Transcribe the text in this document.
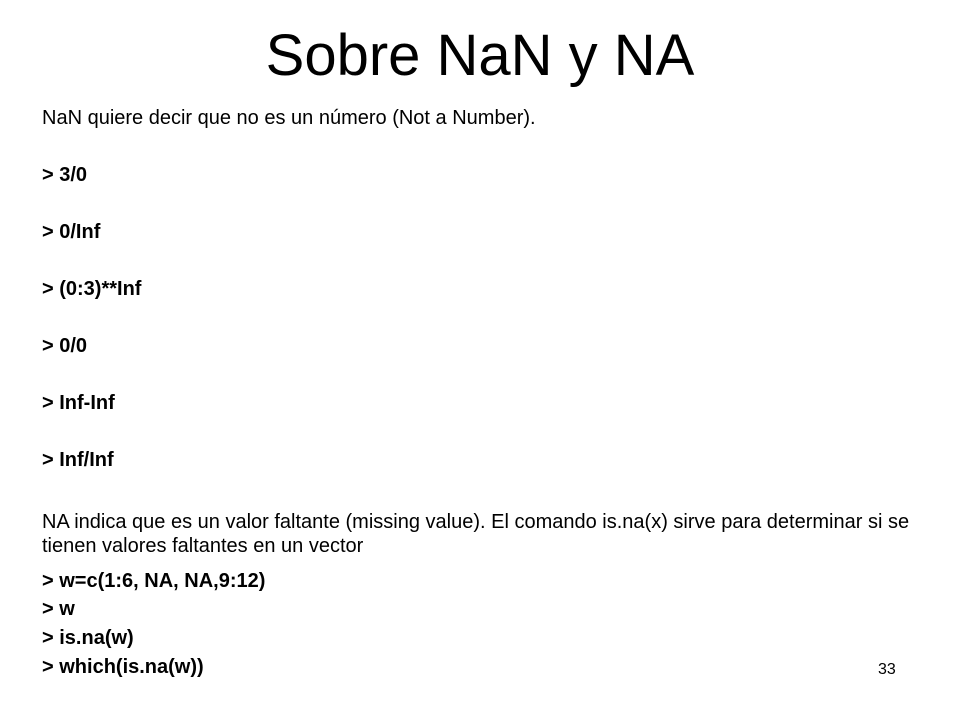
Sobre NaN y NA
NaN quiere decir que no es un número (Not a Number).
> 3/0
> 0/Inf
> (0:3)**Inf
> 0/0
> Inf-Inf
> Inf/Inf
NA indica que es un valor faltante (missing value). El comando is.na(x) sirve para determinar si se tienen valores faltantes en un vector
> w=c(1:6, NA, NA,9:12)
> w
> is.na(w)
> which(is.na(w))	33
